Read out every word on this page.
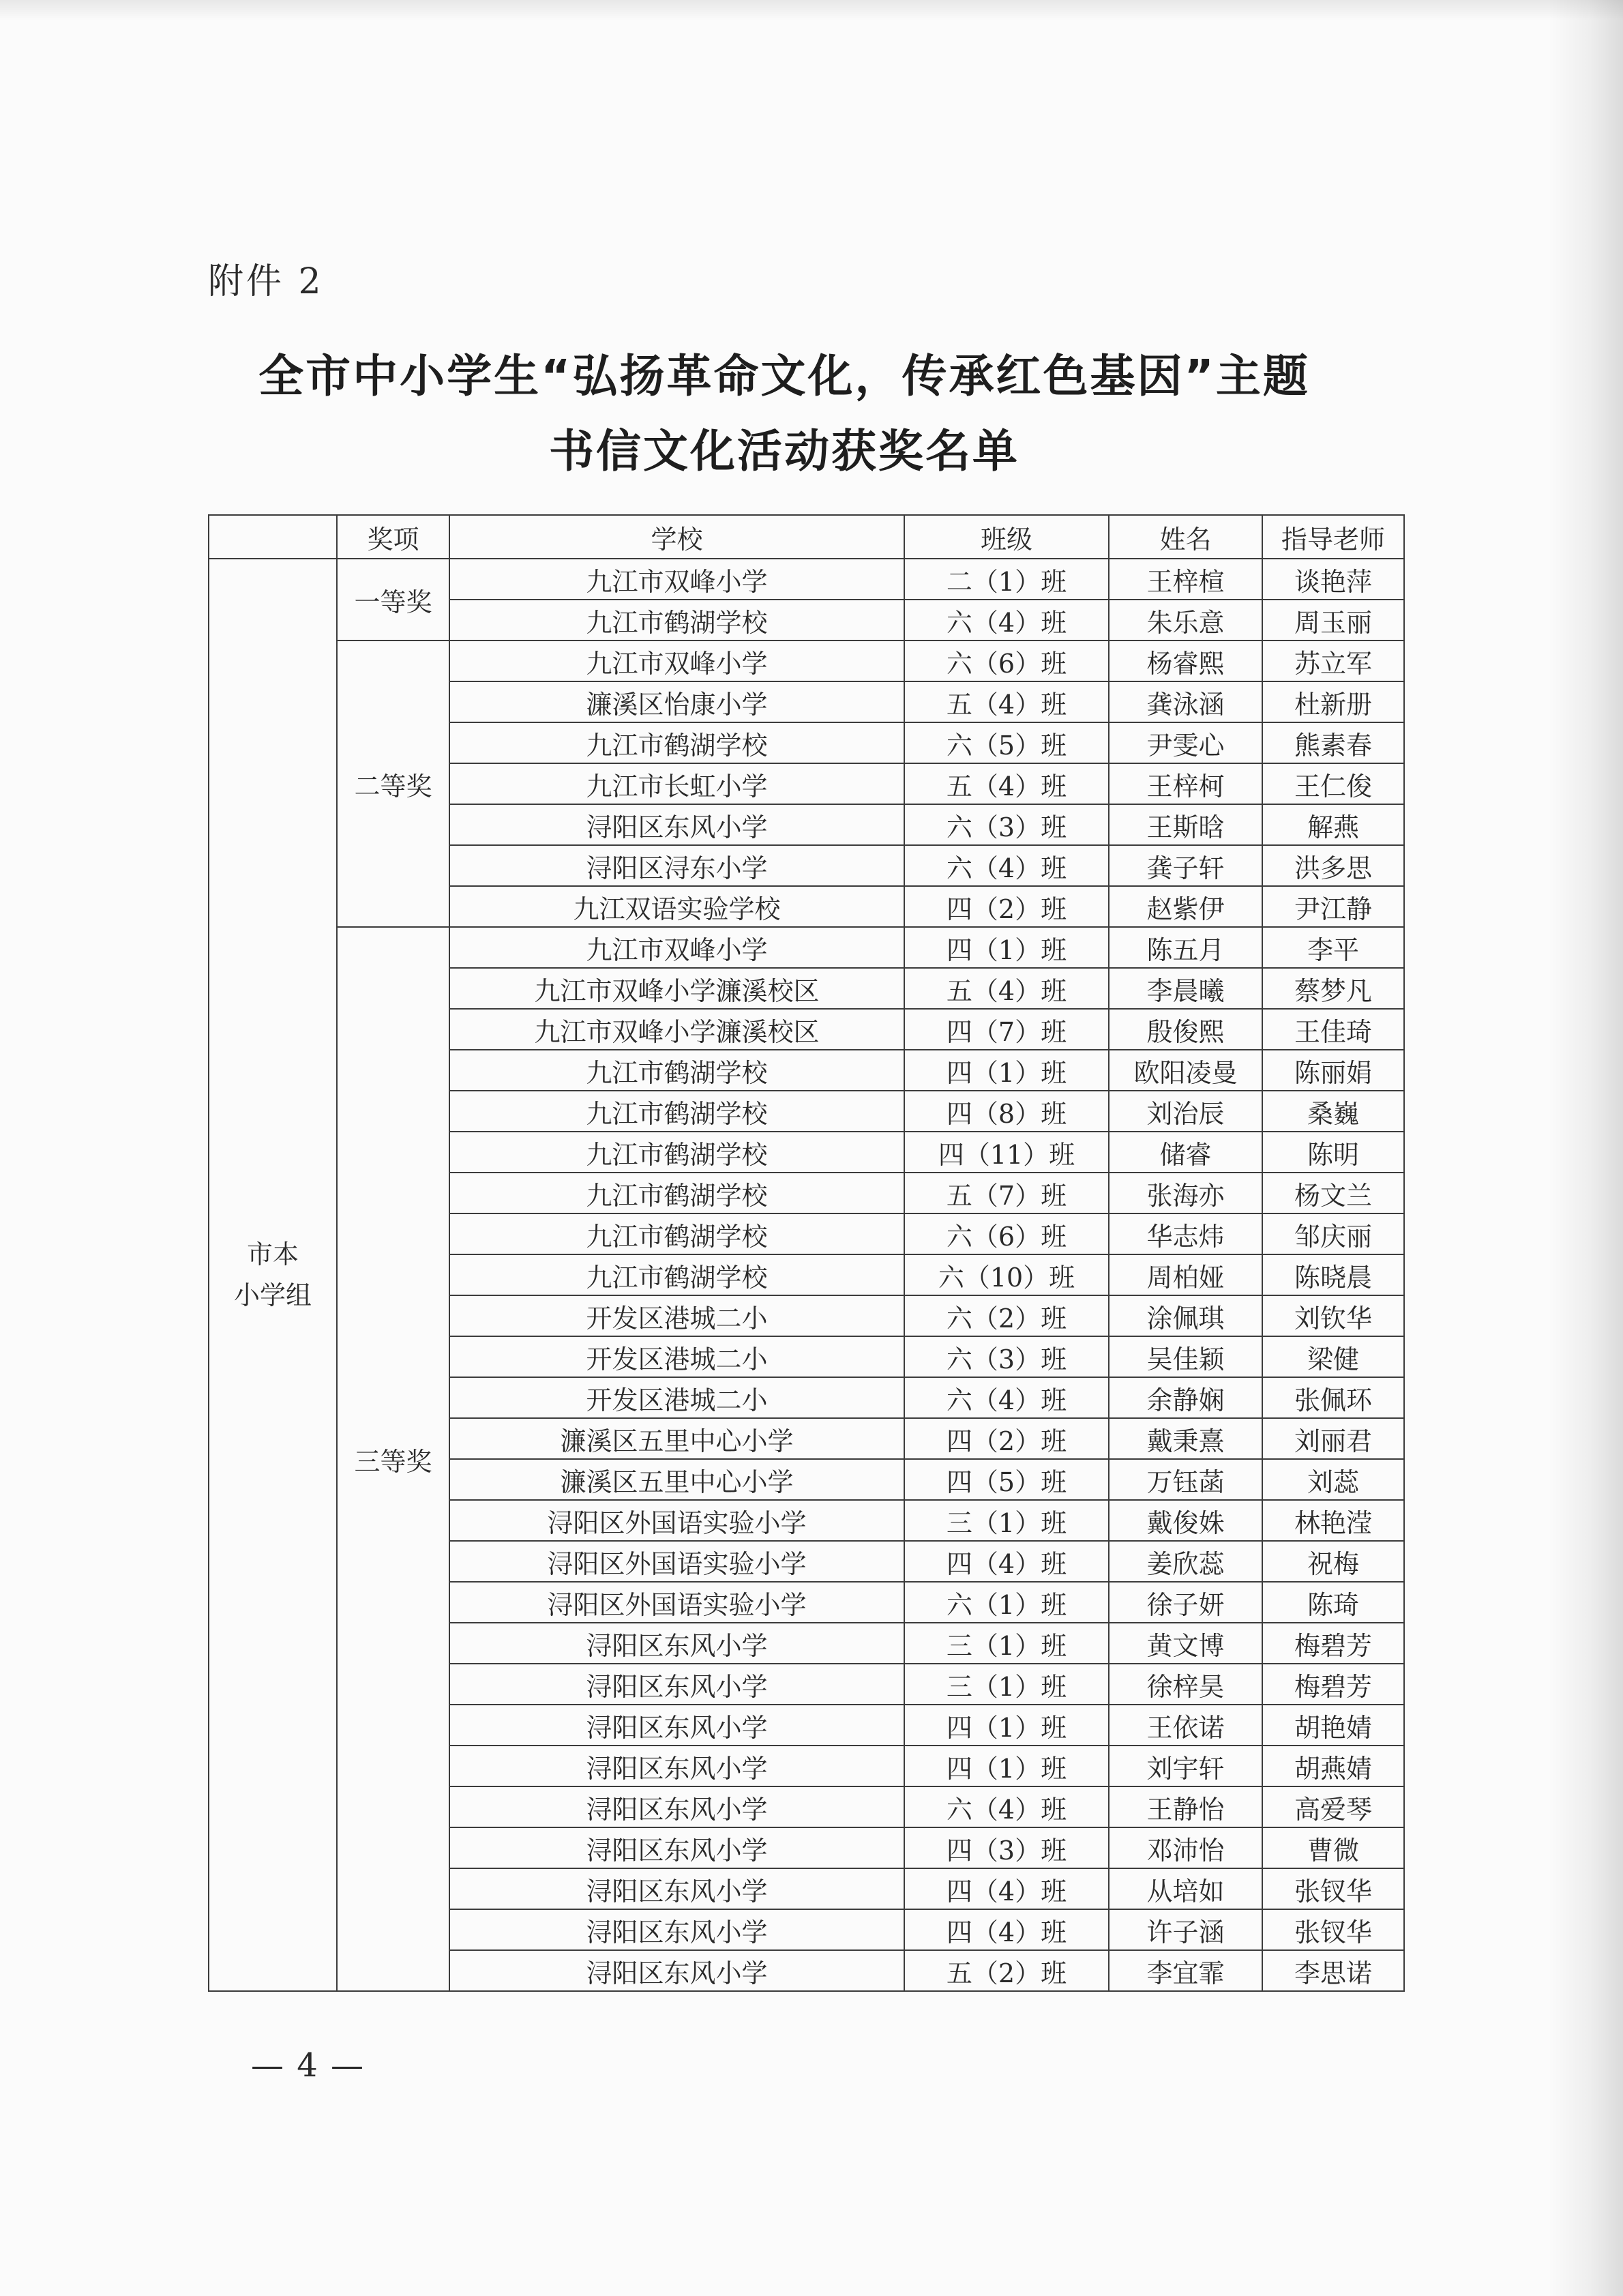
附件 2
全市中小学生“弘扬革命文化，传承红色基因”主题
书信文化活动获奖名单
	奖项	学校	班级	姓名	指导老师

市本
小学组	一等奖	九江市双峰小学	二（1）班	王梓楦	谈艳萍
		九江市鹤湖学校	六（4）班	朱乐意	周玉丽
	二等奖	九江市双峰小学	六（6）班	杨睿熙	苏立军
		濂溪区怡康小学	五（4）班	龚泳涵	杜新册
		九江市鹤湖学校	六（5）班	尹雯心	熊素春
		九江市长虹小学	五（4）班	王梓柯	王仁俊
		浔阳区东风小学	六（3）班	王斯晗	解燕
		浔阳区浔东小学	六（4）班	龚子轩	洪多思
		九江双语实验学校	四（2）班	赵紫伊	尹江静
	三等奖	九江市双峰小学	四（1）班	陈五月	李平
		九江市双峰小学濂溪校区	五（4）班	李晨曦	蔡梦凡
		九江市双峰小学濂溪校区	四（7）班	殷俊熙	王佳琦
		九江市鹤湖学校	四（1）班	欧阳凌曼	陈丽娟
		九江市鹤湖学校	四（8）班	刘治辰	桑巍
		九江市鹤湖学校	四（11）班	储睿	陈明
		九江市鹤湖学校	五（7）班	张海亦	杨文兰
		九江市鹤湖学校	六（6）班	华志炜	邹庆丽
		九江市鹤湖学校	六（10）班	周柏娅	陈晓晨
		开发区港城二小	六（2）班	涂佩琪	刘钦华
		开发区港城二小	六（3）班	吴佳颖	梁健
		开发区港城二小	六（4）班	余静娴	张佩环
		濂溪区五里中心小学	四（2）班	戴秉熹	刘丽君
		濂溪区五里中心小学	四（5）班	万钰菡	刘蕊
		浔阳区外国语实验小学	三（1）班	戴俊姝	林艳滢
		浔阳区外国语实验小学	四（4）班	姜欣蕊	祝梅
		浔阳区外国语实验小学	六（1）班	徐子妍	陈琦
		浔阳区东风小学	三（1）班	黄文博	梅碧芳
		浔阳区东风小学	三（1）班	徐梓昊	梅碧芳
		浔阳区东风小学	四（1）班	王依诺	胡艳婧
		浔阳区东风小学	四（1）班	刘宇轩	胡燕婧
		浔阳区东风小学	六（4）班	王静怡	高爱琴
		浔阳区东风小学	四（3）班	邓沛怡	曹微
		浔阳区东风小学	四（4）班	从培如	张钗华
		浔阳区东风小学	四（4）班	许子涵	张钗华
		浔阳区东风小学	五（2）班	李宜霏	李思诺
— 4 —
